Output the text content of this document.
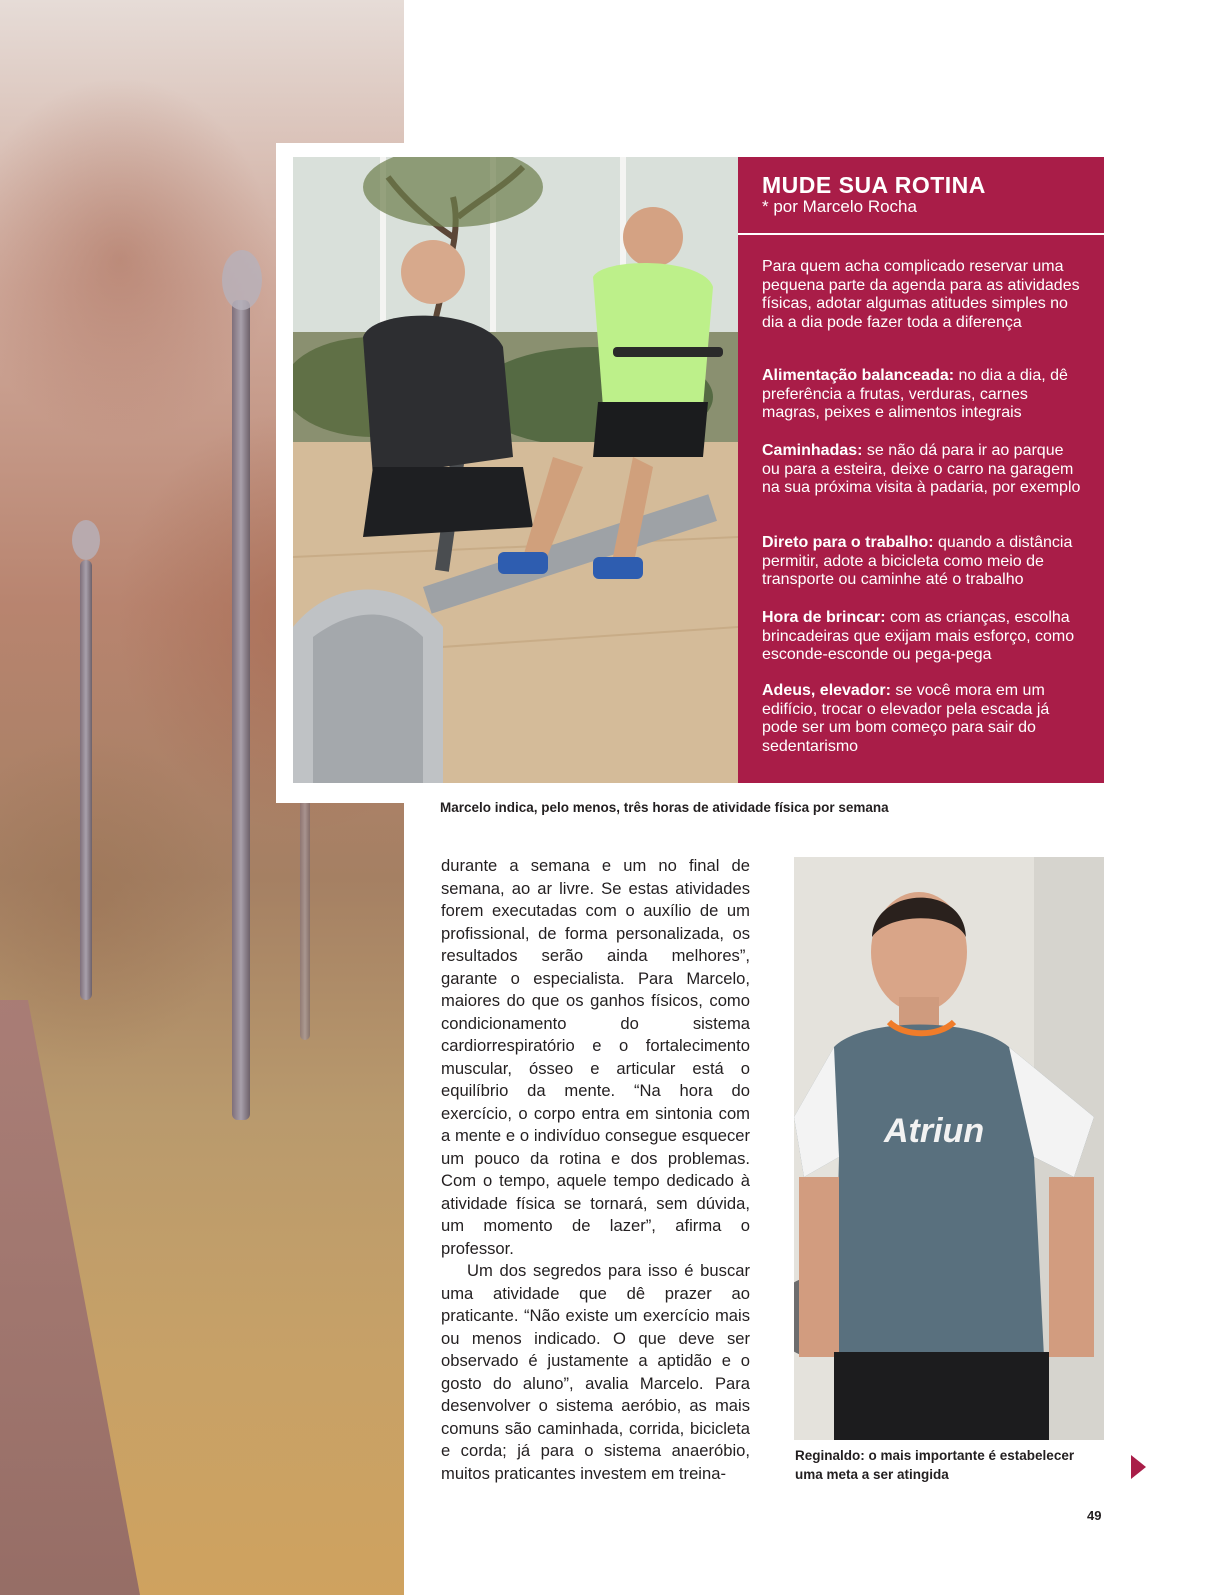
MUDE SUA ROTINA
* por Marcelo Rocha
Para quem acha complicado reservar uma pequena parte da agenda para as atividades físicas, adotar algumas atitudes simples no dia a dia pode fazer toda a diferença
Alimentação balanceada: no dia a dia, dê preferência a frutas, verduras, carnes magras, peixes e alimentos integrais
Caminhadas: se não dá para ir ao parque ou para a esteira, deixe o carro na garagem na sua próxima visita à padaria, por exemplo
Direto para o trabalho: quando a distância permitir, adote a bicicleta como meio de transporte ou caminhe até o trabalho
Hora de brincar: com as crianças, escolha brincadeiras que exijam mais esforço, como esconde-esconde ou pega-pega
Adeus, elevador: se você mora em um edifício, trocar o elevador pela escada já pode ser um bom começo para sair do sedentarismo
Marcelo indica, pelo menos, três horas de atividade física por semana

durante a semana e um no final de semana, ao ar livre. Se estas atividades forem executadas com o auxílio de um profissional, de forma personalizada, os resultados serão ainda melhores”, garante o especialista. Para Marcelo, maiores do que os ganhos físicos, como condicionamento do sistema cardiorrespiratório e o fortalecimento muscular, ósseo e articular está o equilíbrio da mente. “Na hora do exercício, o corpo entra em sintonia com a mente e o indivíduo consegue esquecer um pouco da rotina e dos problemas. Com o tempo, aquele tempo dedicado à atividade física se tornará, sem dúvida, um momento de lazer”, afirma o professor.

Um dos segredos para isso é buscar uma atividade que dê prazer ao praticante. “Não existe um exercício mais ou menos indicado. O que deve ser observado é justamente a aptidão e o gosto do aluno”, avalia Marcelo. Para desenvolver o sistema aeróbio, as mais comuns são caminhada, corrida, bicicleta e corda; já para o sistema anaeróbio, muitos praticantes investem em treina-

Atriun
Reginaldo: o mais importante é estabelecer uma meta a ser atingida
49
